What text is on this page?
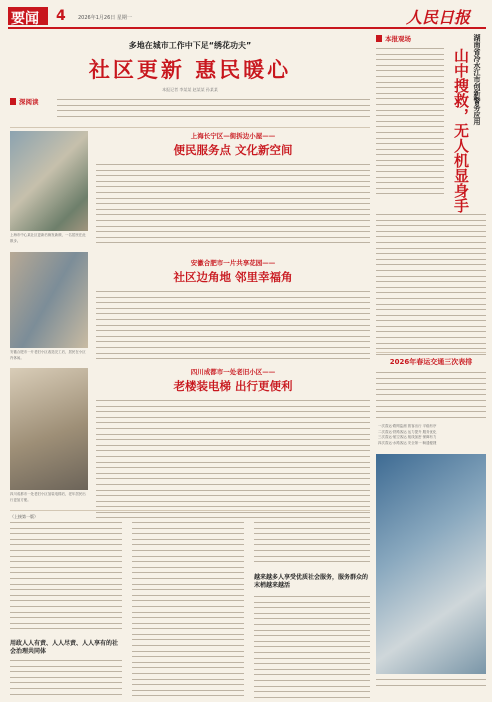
要闻 4 2026年1月26日 星期一	人民日报
多地在城市工作中下足“绣花功夫”
社区更新 惠民暖心
本报记者 李某某 赵某某 孙某某
深阅读
上海市中心某社区更新后焕发新颜，一名居民在此散步。
安徽合肥市一片老旧小区改造完工后，居民在小区内休闲。
四川成都市一处老旧小区加装电梯后，老年居民出行更加方便。
上海长宁区—街拆边小屋——
便民服务点 文化新空间
安徽合肥市一片共享花园——
社区边角地 邻里幸福角
四川成都市一处老旧小区——
老楼装电梯 出行更便利
（上接第一版）
用政人人有责、人人尽责、人人享有的社会治理共同体
越来越多人享受优质社会服务，服务群众的末梢越来越活
本报观场
山中搜救，无人机显身手 湖南省冷水江市创新警务应用
2026年春运交通三次表排
一次春运·路网监测 旅客出行 平稳有序
二次春运·铁路客运 运力提升 服务优化
三次春运·航空客运 航线加密 保障有力
四次春运·水路客运 安全第一 畅通便捷
